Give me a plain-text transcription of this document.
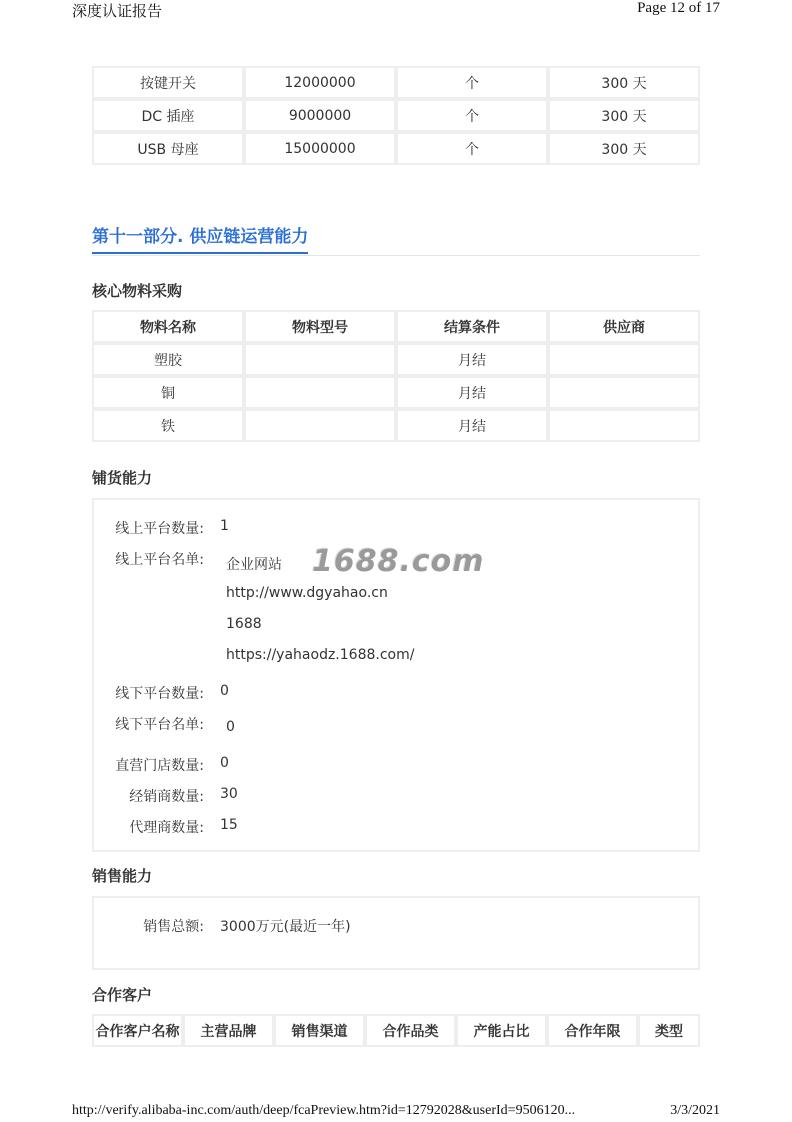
深度认证报告	Page 12 of 17
按键开关	12000000	个	300 天
DC 插座	9000000	个	300 天
USB 母座	15000000	个	300 天
第十一部分. 供应链运营能力
核心物料采购
物料名称	物料型号	结算条件	供应商
塑胶		月结	
铜		月结	
铁		月结	
铺货能力
线上平台数量: 1
线上平台名单: 企业网站
http://www.dgyahao.cn
1688
https://yahaodz.1688.com/
线下平台数量: 0
线下平台名单: 0
直营门店数量: 0
经销商数量: 30
代理商数量: 15
1688.com
销售能力
销售总额: 3000万元(最近一年)
合作客户
合作客户名称	主营品牌	销售渠道	合作品类	产能占比	合作年限	类型
http://verify.alibaba-inc.com/auth/deep/fcaPreview.htm?id=12792028&userId=9506120...	3/3/2021
